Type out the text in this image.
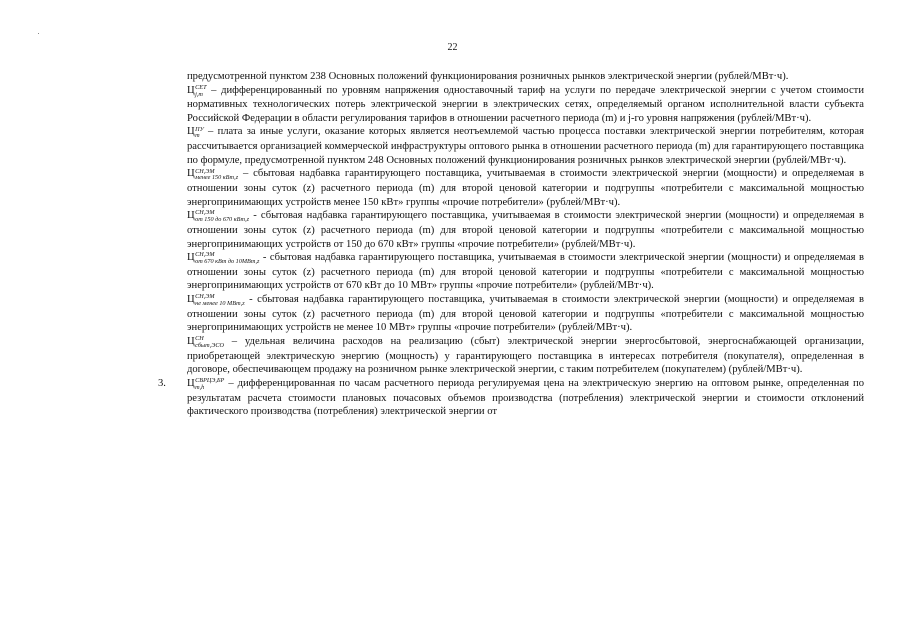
22

предусмотренной пунктом 238 Основных положений функционирования розничных рынков электрической энергии (рублей/МВт·ч).

Ц СЕТ
j,m – дифференцированный по уровням напряжения одноставочный тариф на услуги по передаче электрической энергии с учетом стоимости нормативных технологических потерь электрической энергии в электрических сетях, определяемый органом исполнительной власти субъекта Российской Федерации в области регулирования тарифов в отношении расчетного периода (m) и j-го уровня напряжения (рублей/МВт·ч).

Ц ПУ
m – плата за иные услуги, оказание которых является неотъемлемой частью процесса поставки электрической энергии потребителям, которая рассчитывается организацией коммерческой инфраструктуры оптового рынка в отношении расчетного периода (m) для гарантирующего поставщика по формуле, предусмотренной пунктом 248 Основных положений функционирования розничных рынков электрической энергии (рублей/МВт·ч).

Ц СН,ЭМ
менее 150 кВт,z – сбытовая надбавка гарантирующего поставщика, учитываемая в стоимости электрической энергии (мощности) и определяемая в отношении зоны суток (z) расчетного периода (m) для второй ценовой категории и подгруппы «потребители с максимальной мощностью энергопринимающих устройств менее 150 кВт» группы «прочие потребители» (рублей/МВт·ч).

Ц СН,ЭМ
от 150 до 670 кВт,z - сбытовая надбавка гарантирующего поставщика, учитываемая в стоимости электрической энергии (мощности) и определяемая в отношении зоны суток (z) расчетного периода (m) для второй ценовой категории и подгруппы «потребители с максимальной мощностью энергопринимающих устройств от 150 до 670 кВт» группы «прочие потребители» (рублей/МВт·ч).

Ц СН,ЭМ
от 670 кВт до 10МВт,z - сбытовая надбавка гарантирующего поставщика, учитываемая в стоимости электрической энергии (мощности) и определяемая в отношении зоны суток (z) расчетного периода (m) для второй ценовой категории и подгруппы «потребители с максимальной мощностью энергопринимающих устройств от 670 кВт до 10 МВт» группы «прочие потребители» (рублей/МВт·ч).

Ц СН,ЭМ
не менее 10 МВт,z - сбытовая надбавка гарантирующего поставщика, учитываемая в стоимости электрической энергии (мощности) и определяемая в отношении зоны суток (z) расчетного периода (m) для второй ценовой категории и подгруппы «потребители с максимальной мощностью энергопринимающих устройств не менее 10 МВт» группы «прочие потребители» (рублей/МВт·ч).

Ц СН
сбыт,ЭСО – удельная величина расходов на реализацию (сбыт) электрической энергии энергосбытовой, энергоснабжающей организации, приобретающей электрическую энергию (мощность) у гарантирующего поставщика в интересах потребителя (покупателя), определенная в договоре, обеспечивающем продажу на розничном рынке электрической энергии, с таким потребителем (покупателем) (рублей/МВт·ч).

3. Ц СВРЦЭ,БР
m,h	– дифференцированная по часам расчетного периода регулируемая цена на электрическую энергию на оптовом рынке, определенная по результатам расчета стоимости плановых почасовых объемов производства (потребления) электрической энергии и стоимости отклонений фактического производства (потребления) электрической энергии от
